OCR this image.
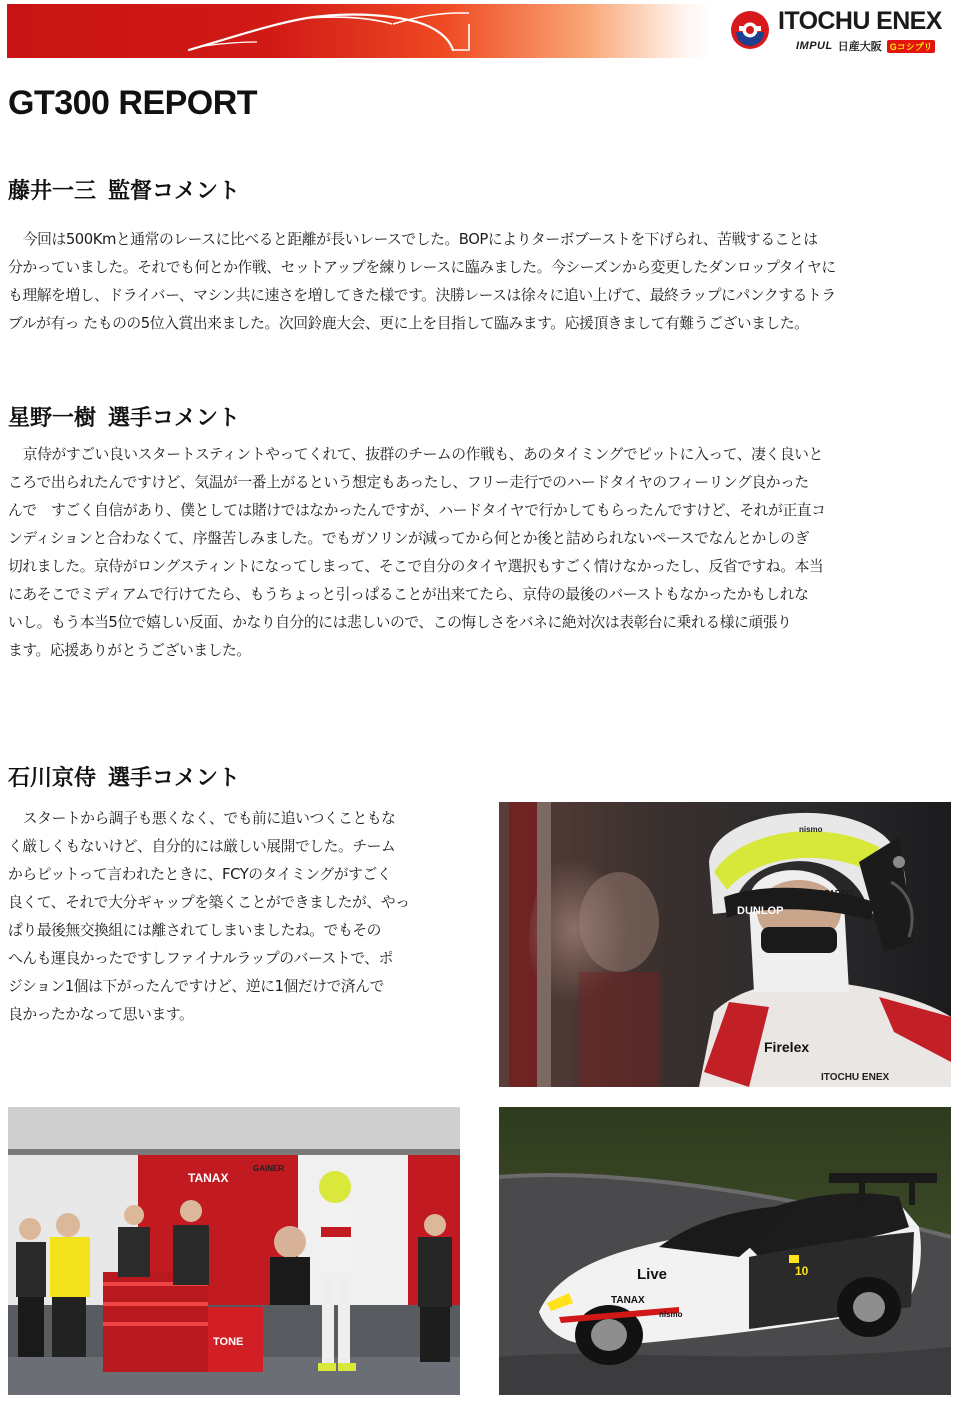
ITOCHU ENEX
IMPUL 日産大阪 Gコシプリ
GT300 REPORT
藤井一三 監督コメント

今回は500Kmと通常のレースに比べると距離が長いレースでした。BOPによりターボブーストを下げられ、苦戦することは
分かっていました。それでも何とか作戦、セットアップを練りレースに臨みました。今シーズンから変更したダンロップタイヤに
も理解を増し、ドライバー、マシン共に速さを増してきた様です。決勝レースは徐々に追い上げて、最終ラップにパンクするトラ
ブルが有っ たものの5位入賞出来ました。次回鈴鹿大会、更に上を目指して臨みます。応援頂きまして有難うございました。

星野一樹 選手コメント

京侍がすごい良いスタートスティントやってくれて、抜群のチームの作戦も、あのタイミングでピットに入って、凄く良いと
ころで出られたんですけど、気温が一番上がるという想定もあったし、フリー走行でのハードタイヤのフィーリング良かった
んで　すごく自信があり、僕としては賭けではなかったんですが、ハードタイヤで行かしてもらったんですけど、それが正直コ
ンディションと合わなくて、序盤苦しみました。でもガソリンが減ってから何とか後と詰められないペースでなんとかしのぎ
切れました。京侍がロングスティントになってしまって、そこで自分のタイヤ選択もすごく情けなかったし、反省ですね。本当
にあそこでミディアムで行けてたら、もうちょっと引っぱることが出来てたら、京侍の最後のバーストもなかったかもしれな
いし。もう本当5位で嬉しい反面、かなり自分的には悲しいので、この悔しさをバネに絶対次は表彰台に乗れる様に頑張り
ます。応援ありがとうございました。

石川京侍 選手コメント

スタートから調子も悪くなく、でも前に追いつくこともな
く厳しくもないけど、自分的には厳しい展開でした。チーム
からピットって言われたときに、FCYのタイミングがすごく
良くて、それで大分ギャップを築くことができましたが、やっ
ぱり最後無交換組には離されてしまいましたね。でもその
へんも運良かったですしファイナルラップのバーストで、ポ
ジション1個は下がったんですけど、逆に1個だけで済んで
良かったかなって思います。

DUNLOP
SPARCO
nismo
Firelex
ITOCHU ENEX
TANAX
GAINER
TONE
Live
TANAX
10
nismo
